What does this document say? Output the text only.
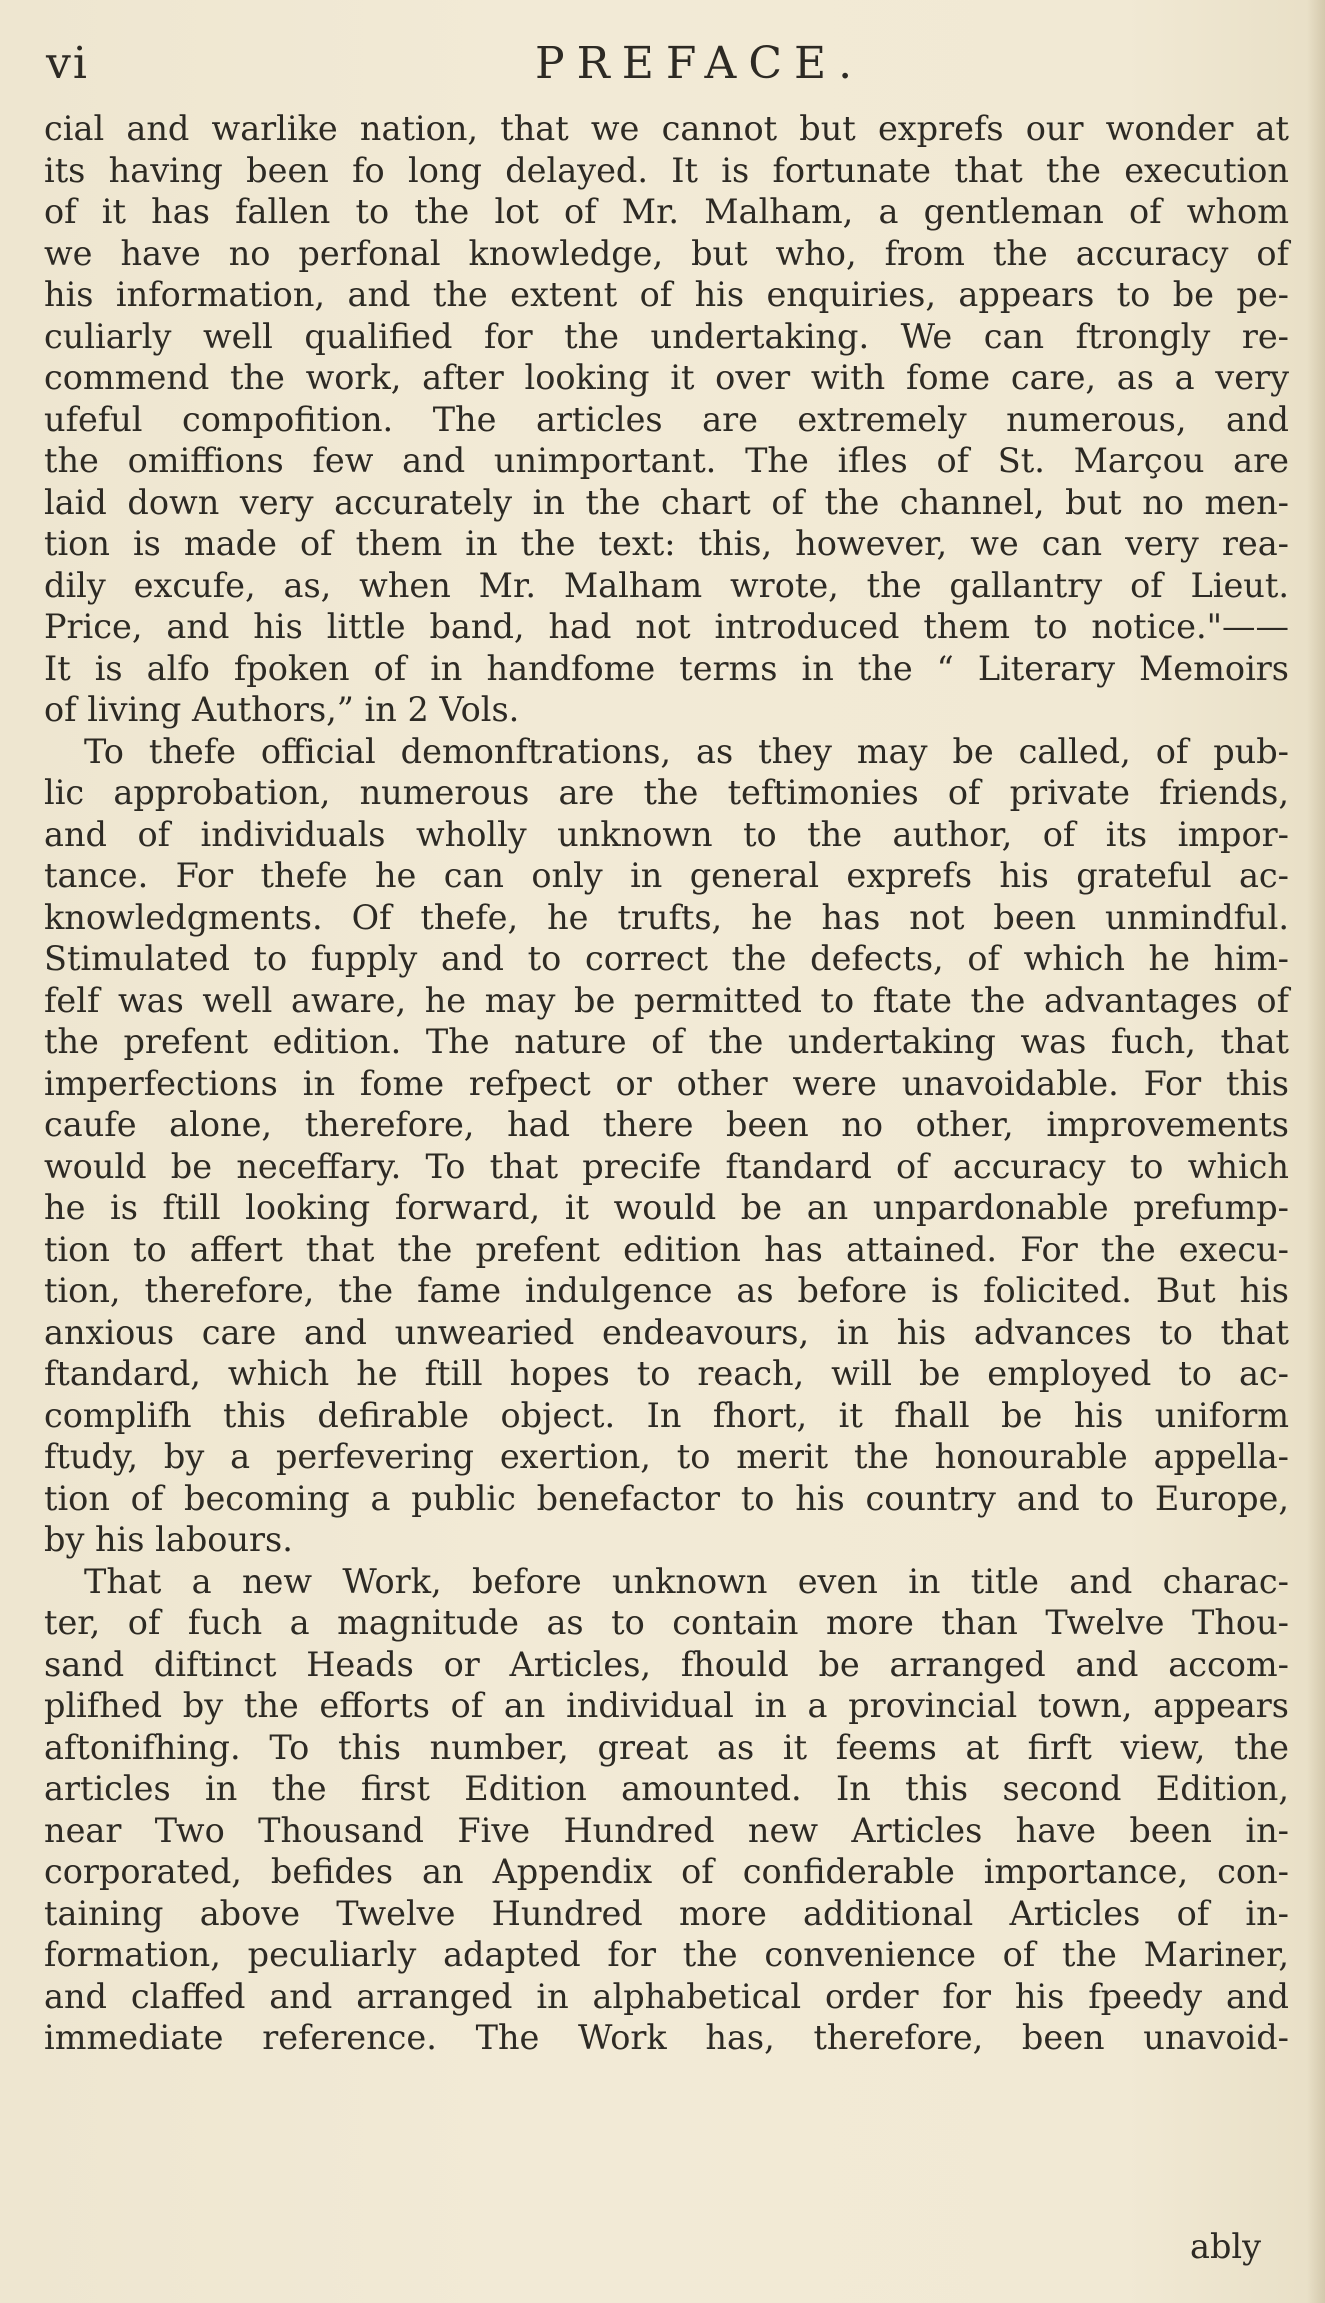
vi	PREFACE.
cial and warlike nation, that we cannot but exprefs our wonder at
its having been fo long delayed. It is fortunate that the execution
of it has fallen to the lot of Mr. Malham, a gentleman of whom
we have no perfonal knowledge, but who, from the accuracy of
his information, and the extent of his enquiries, appears to be pe-
culiarly well qualified for the undertaking. We can ftrongly re-
commend the work, after looking it over with fome care, as a very
ufeful compofition. The articles are extremely numerous, and
the omiffions few and unimportant. The ifles of St. Marçou are
laid down very accurately in the chart of the channel, but no men-
tion is made of them in the text: this, however, we can very rea-
dily excufe, as, when Mr. Malham wrote, the gallantry of Lieut.
Price, and his little band, had not introduced them to notice."——
It is alfo fpoken of in handfome terms in the “ Literary Memoirs
of living Authors,” in 2 Vols.
To thefe official demonftrations, as they may be called, of pub-
lic approbation, numerous are the teftimonies of private friends,
and of individuals wholly unknown to the author, of its impor-
tance. For thefe he can only in general exprefs his grateful ac-
knowledgments. Of thefe, he trufts, he has not been unmindful.
Stimulated to fupply and to correct the defects, of which he him-
felf was well aware, he may be permitted to ftate the advantages of
the prefent edition. The nature of the undertaking was fuch, that
imperfections in fome refpect or other were unavoidable. For this
caufe alone, therefore, had there been no other, improvements
would be neceffary. To that precife ftandard of accuracy to which
he is ftill looking forward, it would be an unpardonable prefump-
tion to affert that the prefent edition has attained. For the execu-
tion, therefore, the fame indulgence as before is folicited. But his
anxious care and unwearied endeavours, in his advances to that
ftandard, which he ftill hopes to reach, will be employed to ac-
complifh this defirable object. In fhort, it fhall be his uniform
ftudy, by a perfevering exertion, to merit the honourable appella-
tion of becoming a public benefactor to his country and to Europe,
by his labours.
That a new Work, before unknown even in title and charac-
ter, of fuch a magnitude as to contain more than Twelve Thou-
sand diftinct Heads or Articles, fhould be arranged and accom-
plifhed by the efforts of an individual in a provincial town, appears
aftonifhing. To this number, great as it feems at firft view, the
articles in the first Edition amounted. In this second Edition,
near Two Thousand Five Hundred new Articles have been in-
corporated, befides an Appendix of confiderable importance, con-
taining above Twelve Hundred more additional Articles of in-
formation, peculiarly adapted for the convenience of the Mariner,
and claffed and arranged in alphabetical order for his fpeedy and
immediate reference. The Work has, therefore, been unavoid-
ably
